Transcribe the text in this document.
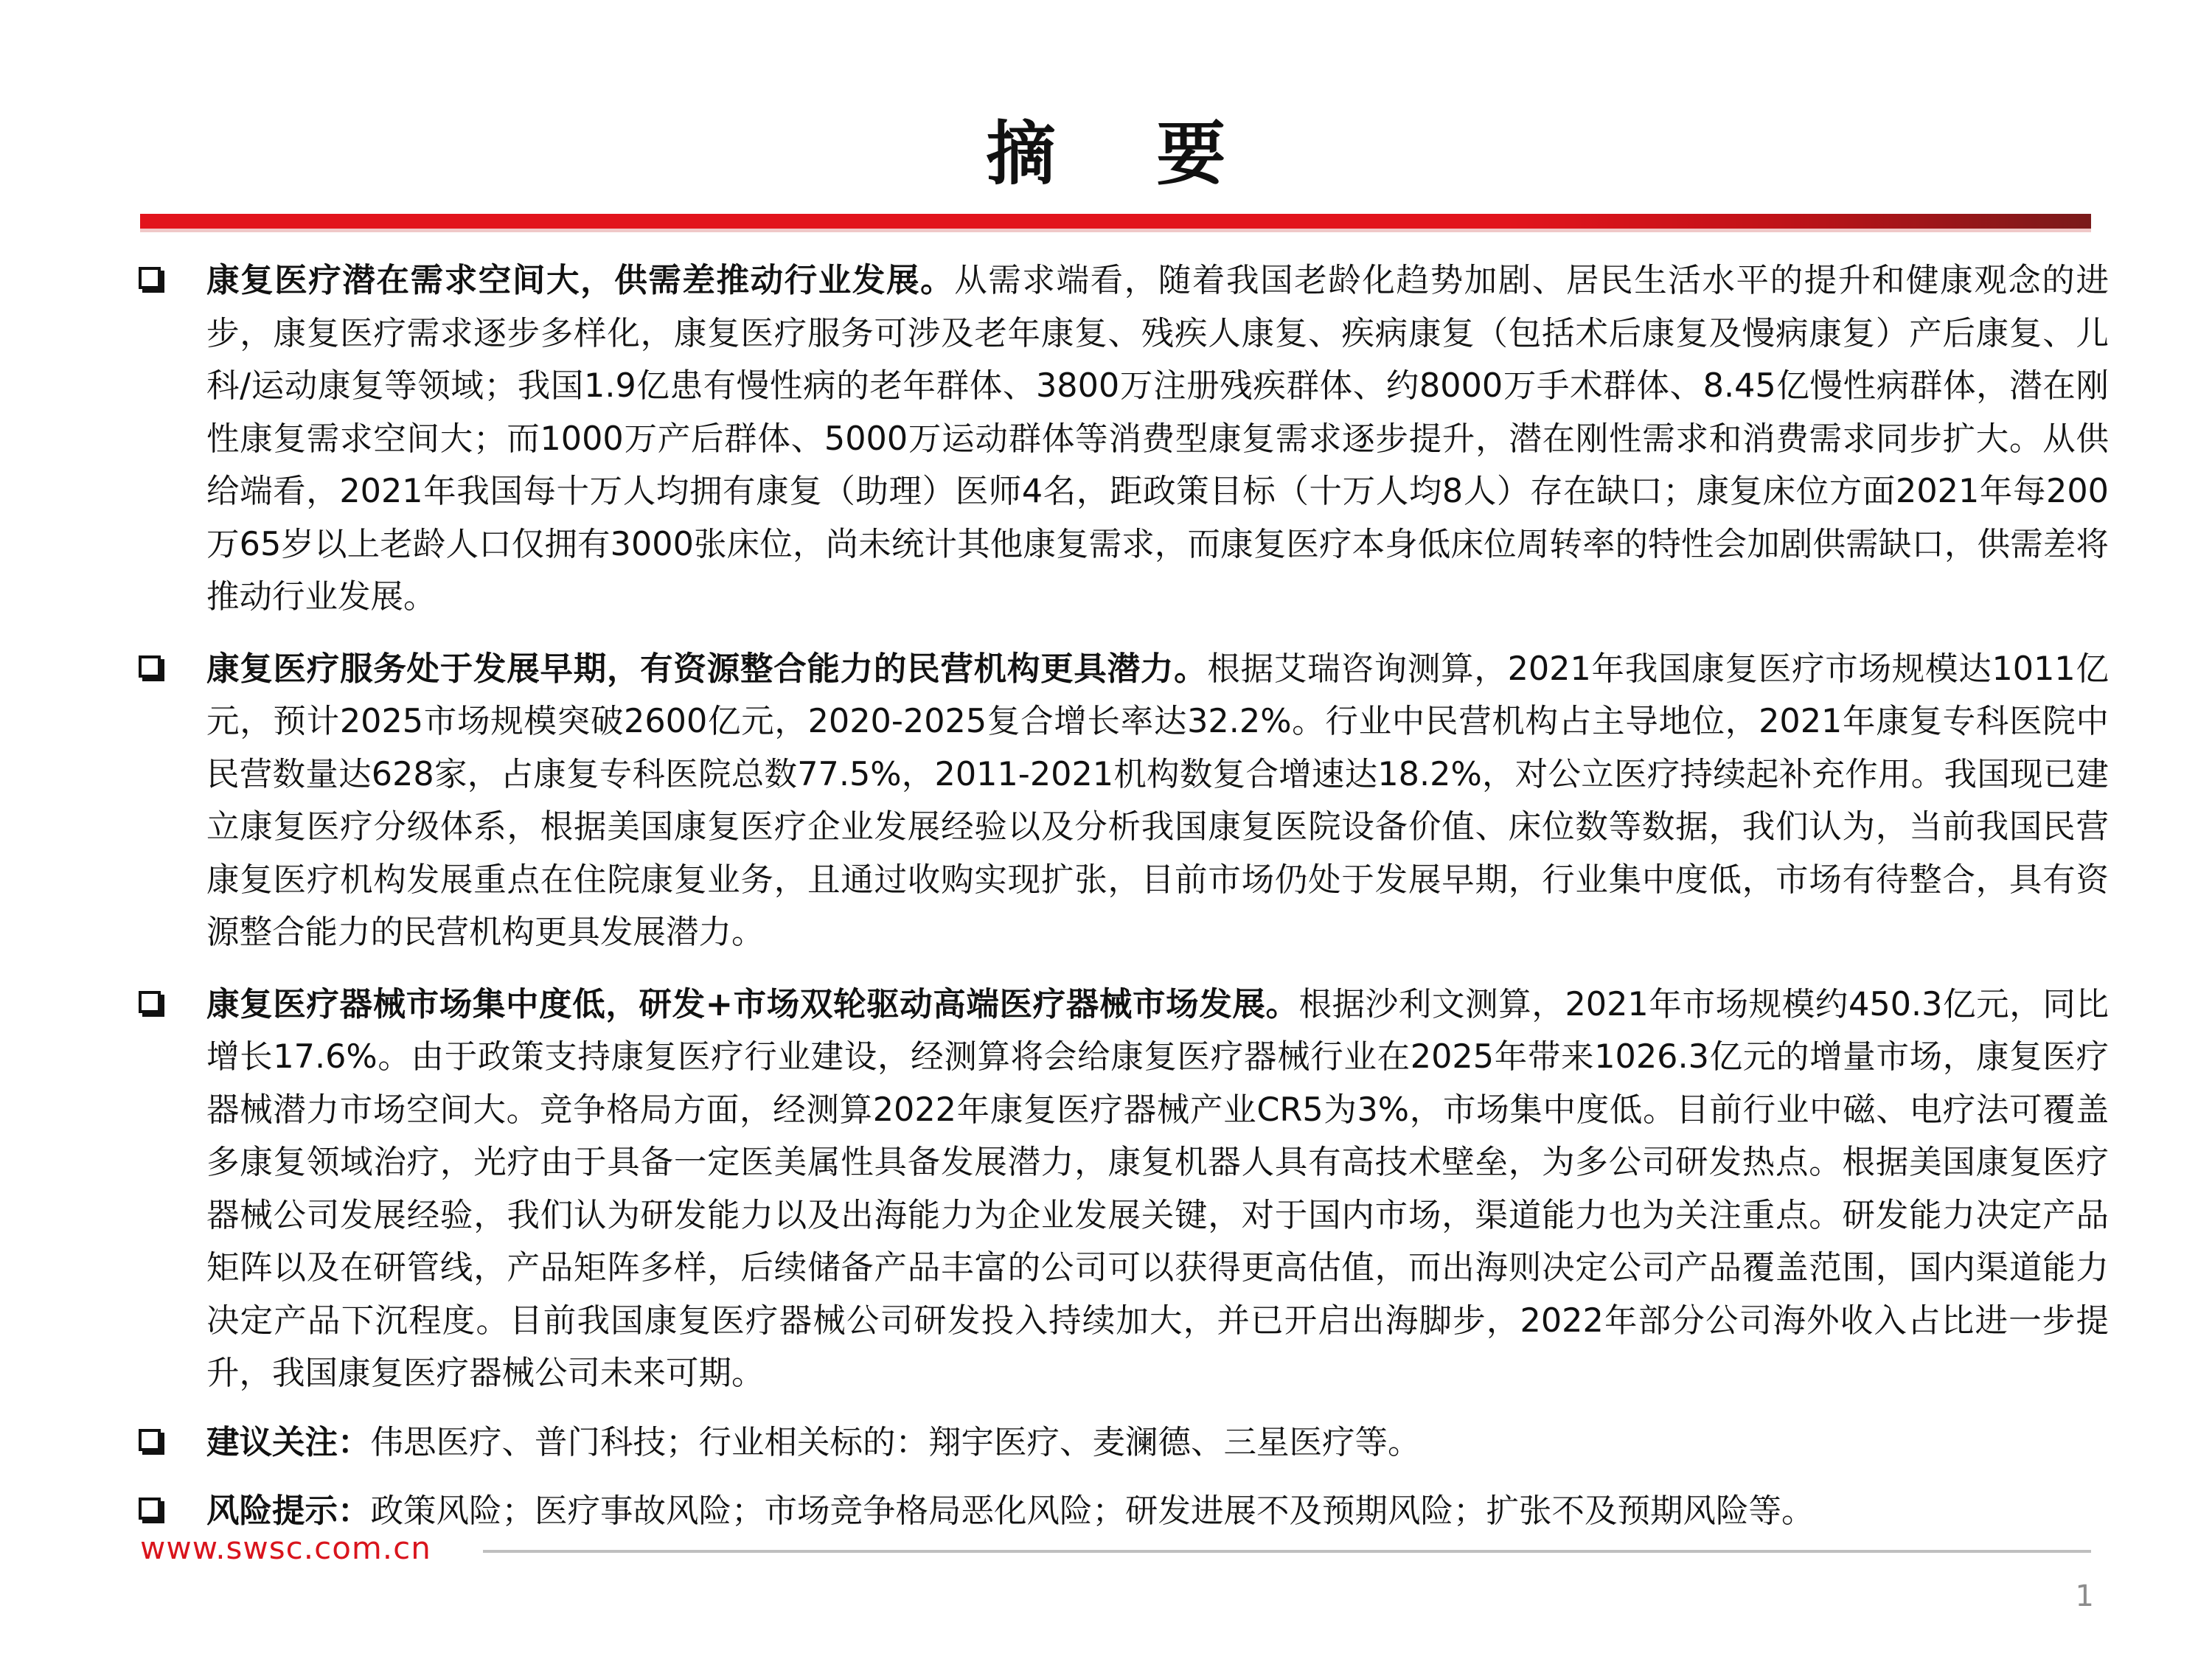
摘 要
康复医疗潜在需求空间大，供需差推动行业发展。从需求端看，随着我国老龄化趋势加剧、居民生活水平的提升和健康观念的进步，康复医疗需求逐步多样化，康复医疗服务可涉及老年康复、残疾人康复、疾病康复（包括术后康复及慢病康复）产后康复、儿科/运动康复等领域；我国1.9亿患有慢性病的老年群体、3800万注册残疾群体、约8000万手术群体、8.45亿慢性病群体，潜在刚性康复需求空间大；而1000万产后群体、5000万运动群体等消费型康复需求逐步提升，潜在刚性需求和消费需求同步扩大。从供给端看，2021年我国每十万人均拥有康复（助理）医师4名，距政策目标（十万人均8人）存在缺口；康复床位方面2021年每200万65岁以上老龄人口仅拥有3000张床位，尚未统计其他康复需求，而康复医疗本身低床位周转率的特性会加剧供需缺口，供需差将推动行业发展。
康复医疗服务处于发展早期，有资源整合能力的民营机构更具潜力。根据艾瑞咨询测算，2021年我国康复医疗市场规模达1011亿元，预计2025市场规模突破2600亿元，2020-2025复合增长率达32.2%。行业中民营机构占主导地位，2021年康复专科医院中民营数量达628家，占康复专科医院总数77.5%，2011-2021机构数复合增速达18.2%，对公立医疗持续起补充作用。我国现已建立康复医疗分级体系，根据美国康复医疗企业发展经验以及分析我国康复医院设备价值、床位数等数据，我们认为，当前我国民营康复医疗机构发展重点在住院康复业务，且通过收购实现扩张，目前市场仍处于发展早期，行业集中度低，市场有待整合，具有资源整合能力的民营机构更具发展潜力。
康复医疗器械市场集中度低，研发+市场双轮驱动高端医疗器械市场发展。根据沙利文测算，2021年市场规模约450.3亿元，同比增长17.6%。由于政策支持康复医疗行业建设，经测算将会给康复医疗器械行业在2025年带来1026.3亿元的增量市场，康复医疗器械潜力市场空间大。竞争格局方面，经测算2022年康复医疗器械产业CR5为3%，市场集中度低。目前行业中磁、电疗法可覆盖多康复领域治疗，光疗由于具备一定医美属性具备发展潜力，康复机器人具有高技术壁垒，为多公司研发热点。根据美国康复医疗器械公司发展经验，我们认为研发能力以及出海能力为企业发展关键，对于国内市场，渠道能力也为关注重点。研发能力决定产品矩阵以及在研管线，产品矩阵多样，后续储备产品丰富的公司可以获得更高估值，而出海则决定公司产品覆盖范围，国内渠道能力决定产品下沉程度。目前我国康复医疗器械公司研发投入持续加大，并已开启出海脚步，2022年部分公司海外收入占比进一步提升，我国康复医疗器械公司未来可期。
建议关注：伟思医疗、普门科技；行业相关标的：翔宇医疗、麦澜德、三星医疗等。
风险提示：政策风险；医疗事故风险；市场竞争格局恶化风险；研发进展不及预期风险；扩张不及预期风险等。
www.swsc.com.cn
1
